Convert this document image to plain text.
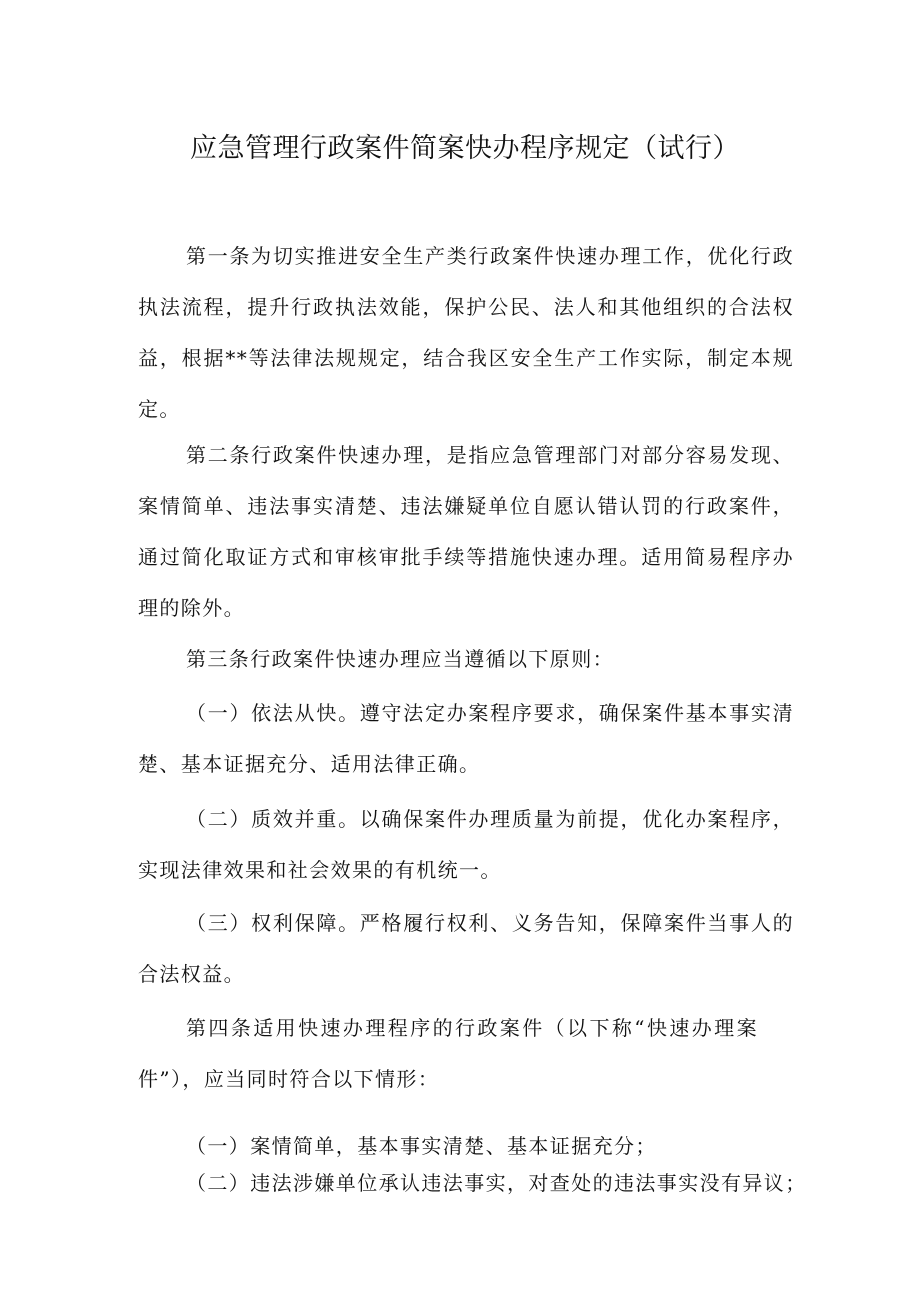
应急管理行政案件简案快办程序规定（试行）
第一条为切实推进安全生产类行政案件快速办理工作，优化行政执法流程，提升行政执法效能，保护公民、法人和其他组织的合法权益，根据**等法律法规规定，结合我区安全生产工作实际，制定本规定。
第二条行政案件快速办理，是指应急管理部门对部分容易发现、案情简单、违法事实清楚、违法嫌疑单位自愿认错认罚的行政案件，通过简化取证方式和审核审批手续等措施快速办理。适用简易程序办理的除外。
第三条行政案件快速办理应当遵循以下原则：
（一）依法从快。遵守法定办案程序要求，确保案件基本事实清楚、基本证据充分、适用法律正确。
（二）质效并重。以确保案件办理质量为前提，优化办案程序，实现法律效果和社会效果的有机统一。
（三）权利保障。严格履行权利、义务告知，保障案件当事人的合法权益。
第四条适用快速办理程序的行政案件（以下称“快速办理案件”），应当同时符合以下情形：
（一）案情简单，基本事实清楚、基本证据充分；
（二）违法涉嫌单位承认违法事实，对查处的违法事实没有异议；
